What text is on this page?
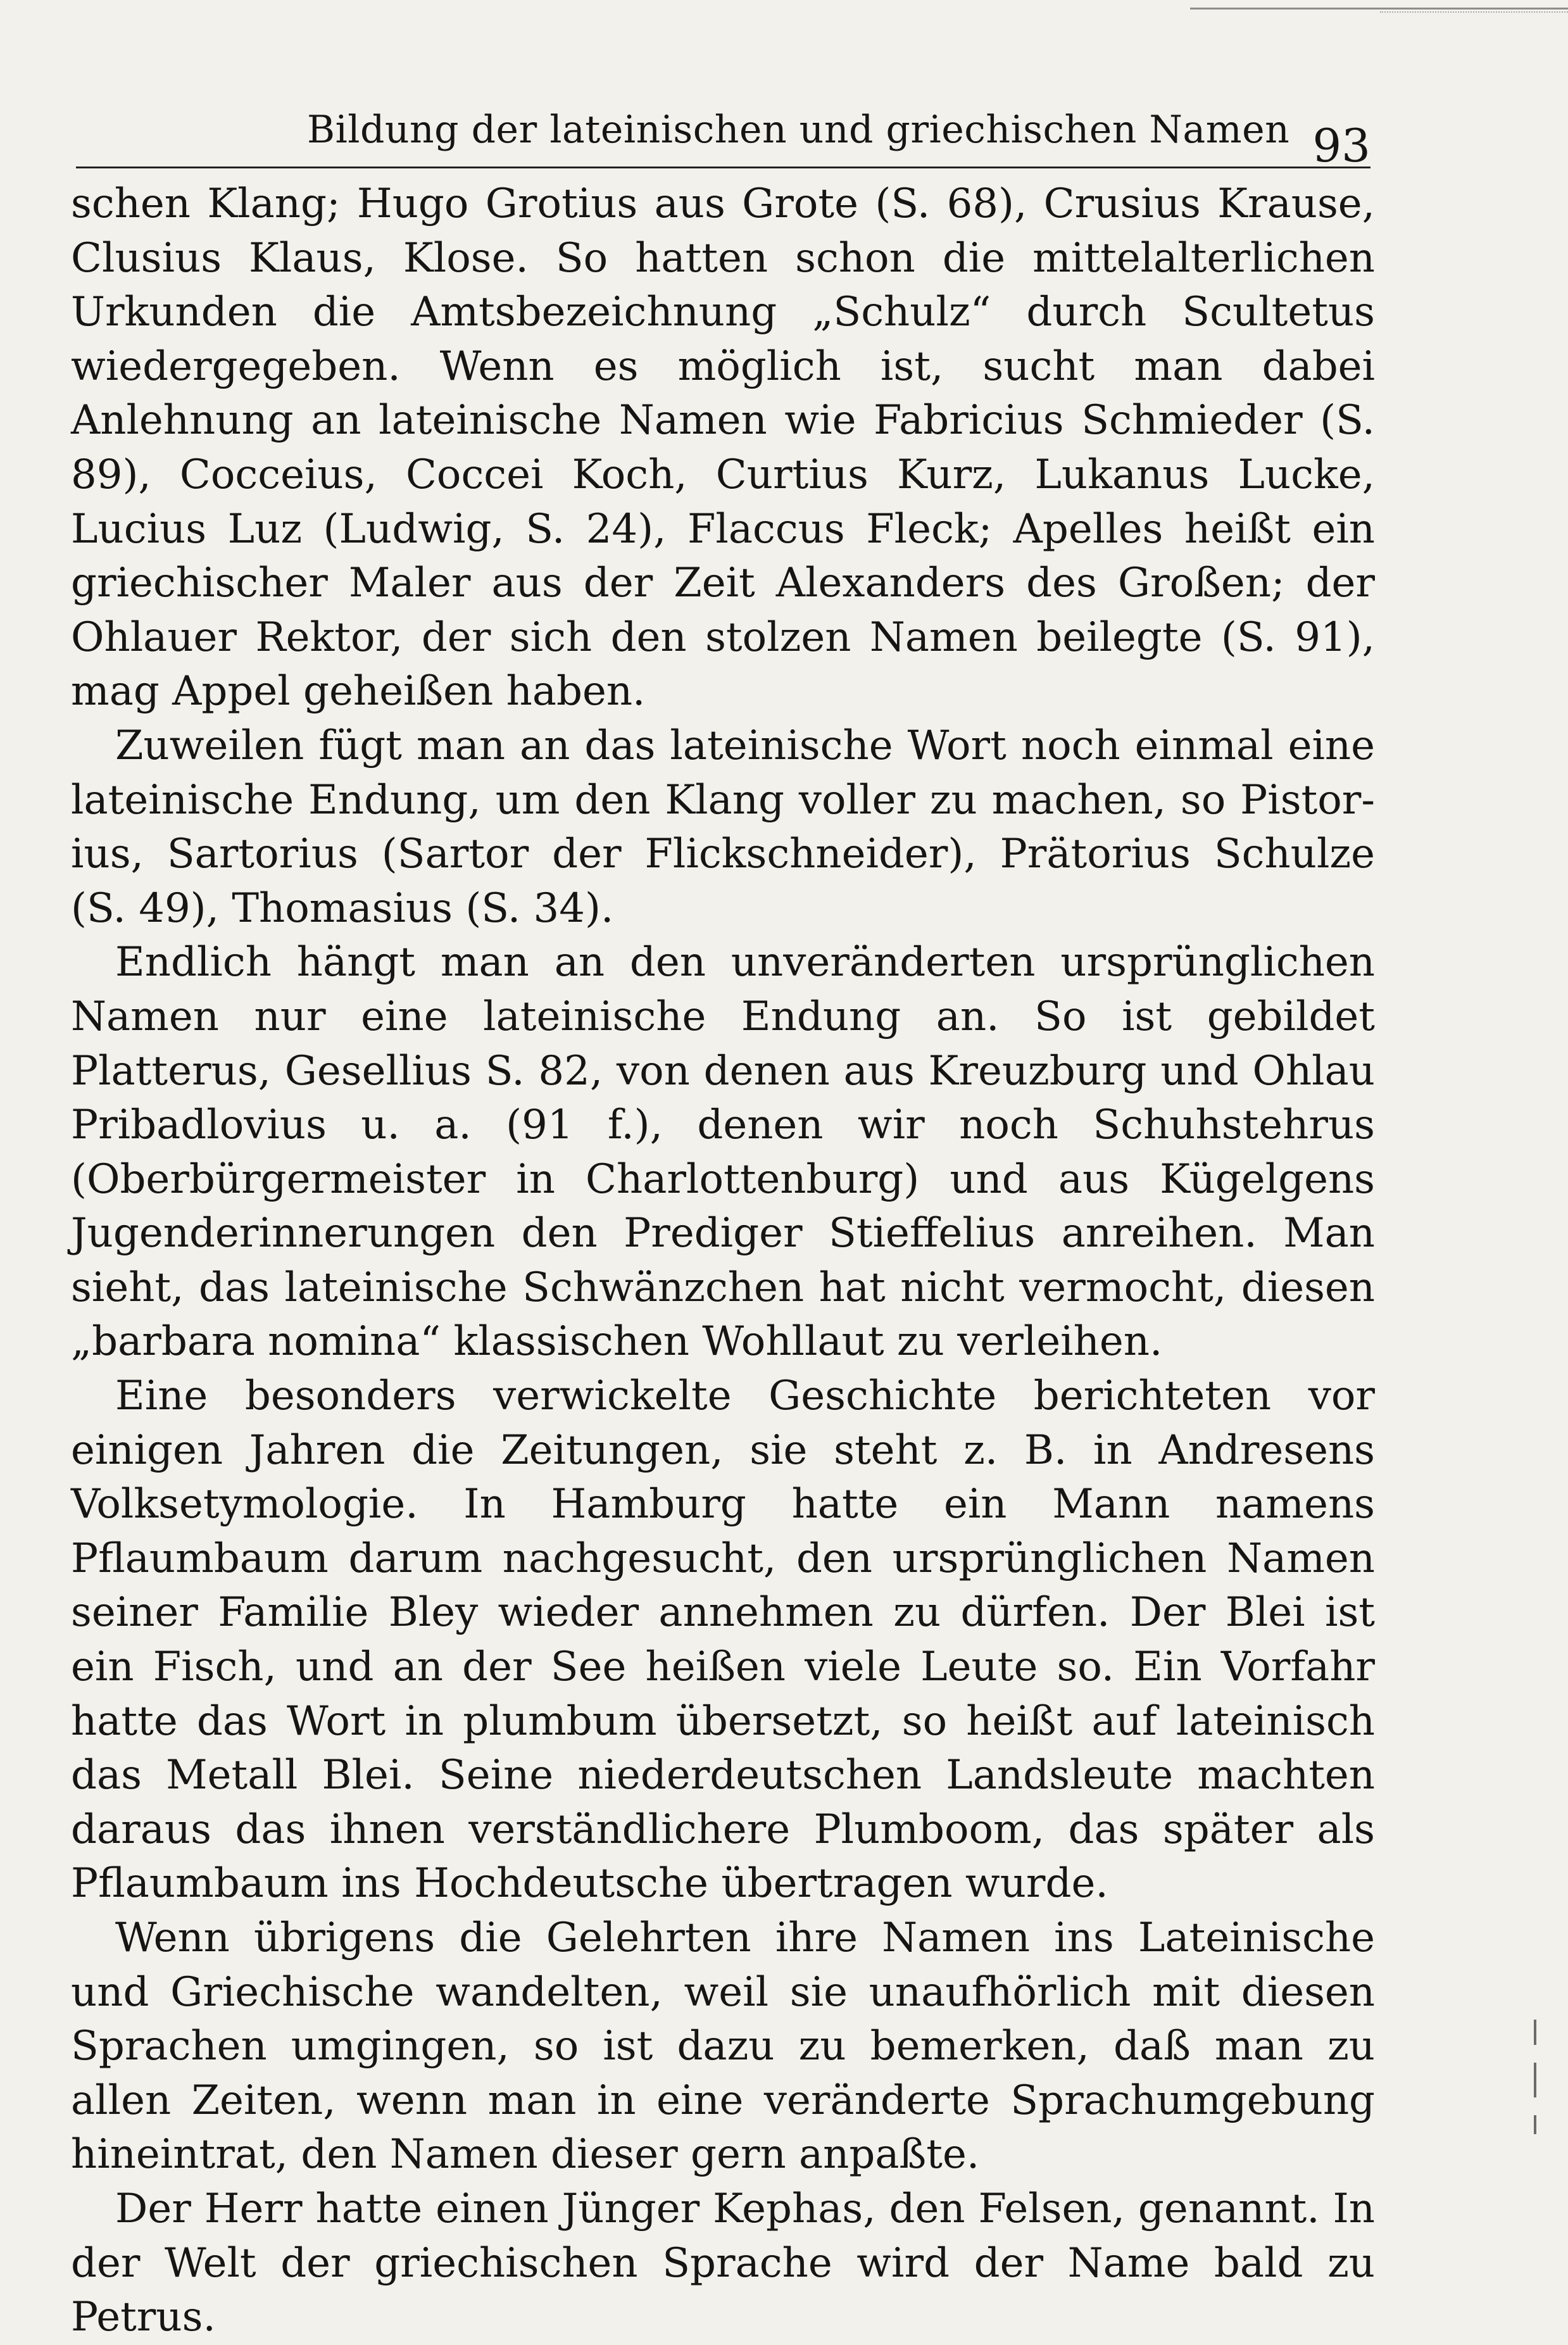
Bildung der lateinischen und griechischen Namen 93

schen Klang; Hugo Grotius aus Grote (S. 68), Crusius Krause, Clusius Klaus, Klose. So hatten schon die mittelalterlichen Urkunden die Amtsbezeichnung „Schulz“ durch Scultetus wiedergegeben. Wenn es möglich ist, sucht man dabei Anlehnung an lateinische Namen wie Fabricius Schmieder (S. 89), Cocceius, Coccei Koch, Curtius Kurz, Lukanus Lucke, Lucius Luz (Ludwig, S. 24), Flaccus Fleck; Apelles heißt ein griechischer Maler aus der Zeit Alexanders des Großen; der Ohlauer Rektor, der sich den stolzen Namen beilegte (S. 91), mag Appel geheißen haben.

Zuweilen fügt man an das lateinische Wort noch einmal eine lateinische Endung, um den Klang voller zu machen, so Pistor-ius, Sartorius (Sartor der Flickschneider), Prätorius Schulze (S. 49), Thomasius (S. 34).

Endlich hängt man an den unveränderten ursprünglichen Namen nur eine lateinische Endung an. So ist gebildet Platterus, Gesellius S. 82, von denen aus Kreuzburg und Ohlau Pribadlovius u. a. (91 f.), denen wir noch Schuhstehrus (Oberbürgermeister in Charlottenburg) und aus Kügelgens Jugenderinnerungen den Prediger Stieffelius anreihen. Man sieht, das lateinische Schwänzchen hat nicht vermocht, diesen „barbara nomina“ klassischen Wohllaut zu verleihen.

Eine besonders verwickelte Geschichte berichteten vor einigen Jahren die Zeitungen, sie steht z. B. in Andresens Volksetymologie. In Hamburg hatte ein Mann namens Pflaumbaum darum nachgesucht, den ursprünglichen Namen seiner Familie Bley wieder annehmen zu dürfen. Der Blei ist ein Fisch, und an der See heißen viele Leute so. Ein Vorfahr hatte das Wort in plumbum übersetzt, so heißt auf lateinisch das Metall Blei. Seine niederdeutschen Landsleute machten daraus das ihnen verständlichere Plumboom, das später als Pflaumbaum ins Hochdeutsche übertragen wurde.

Wenn übrigens die Gelehrten ihre Namen ins Lateinische und Griechische wandelten, weil sie unaufhörlich mit diesen Sprachen umgingen, so ist dazu zu bemerken, daß man zu allen Zeiten, wenn man in eine veränderte Sprachumgebung hineintrat, den Namen dieser gern anpaßte.

Der Herr hatte einen Jünger Kephas, den Felsen, genannt. In der Welt der griechischen Sprache wird der Name bald zu Petrus.
